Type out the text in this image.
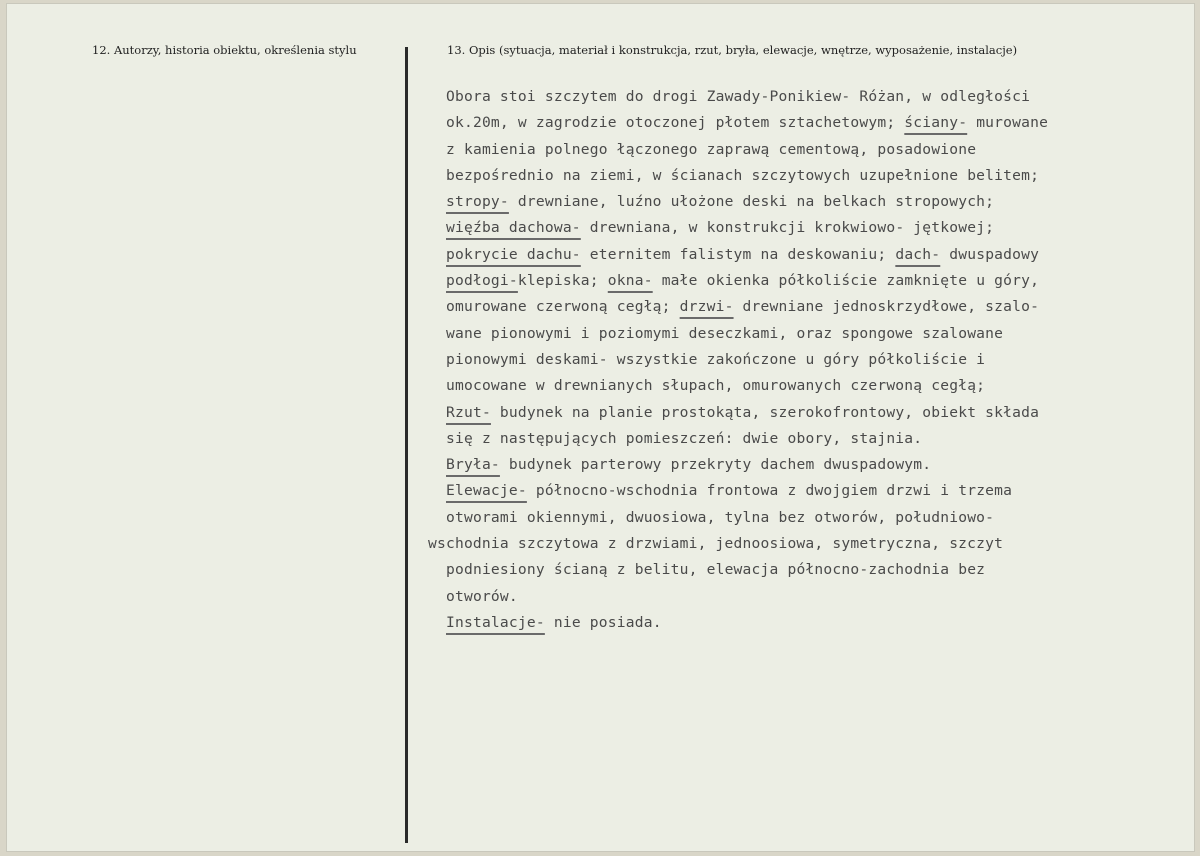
12. Autorzy, historia obiektu, określenia stylu	13. Opis (sytuacja, materiał i konstrukcja, rzut, bryła, elewacje, wnętrze, wyposażenie, instalacje)
Obora stoi szczytem do drogi Zawady-Ponikiew- Różan, w odległości
ok.20m, w zagrodzie otoczonej płotem sztachetowym; ściany- murowane
z kamienia polnego łączonego zaprawą cementową, posadowione
bezpośrednio na ziemi, w ścianach szczytowych uzupełnione belitem;
stropy- drewniane, luźno ułożone deski na belkach stropowych;
więźba dachowa- drewniana, w konstrukcji krokwiowo- jętkowej;
pokrycie dachu- eternitem falistym na deskowaniu; dach- dwuspadowy
podłogi-klepiska; okna- małe okienka półkoliście zamknięte u góry,
omurowane czerwoną cegłą; drzwi- drewniane jednoskrzydłowe, szalo-
wane pionowymi i poziomymi deseczkami, oraz spongowe szalowane
pionowymi deskami- wszystkie zakończone u góry półkoliście i
umocowane w drewnianych słupach, omurowanych czerwoną cegłą;
Rzut- budynek na planie prostokąta, szerokofrontowy, obiekt składa
się z następujących pomieszczeń: dwie obory, stajnia.
Bryła- budynek parterowy przekryty dachem dwuspadowym.
Elewacje- północno-wschodnia frontowa z dwojgiem drzwi i trzema
otworami okiennymi, dwuosiowa, tylna bez otworów, południowo-
wschodnia szczytowa z drzwiami, jednoosiowa, symetryczna, szczyt
podniesiony ścianą z belitu, elewacja północno-zachodnia bez
otworów.
Instalacje- nie posiada.
